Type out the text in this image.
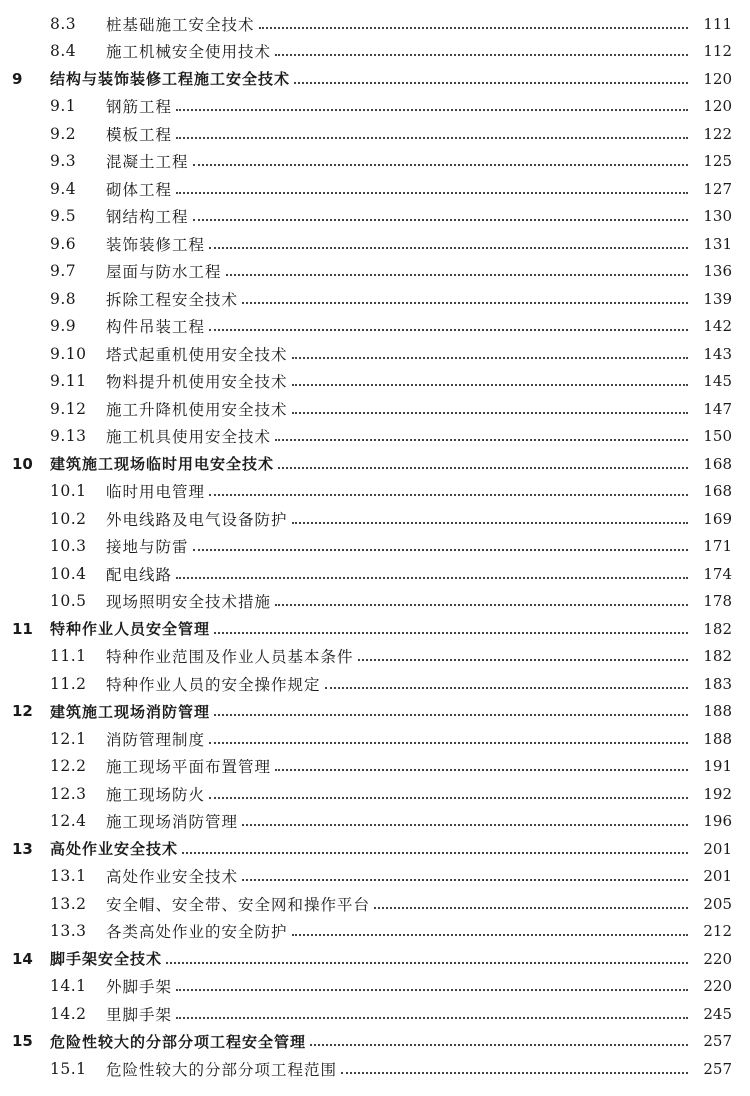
8.3	桩基础施工安全技术	111
8.4	施工机械安全使用技术	112
9	结构与装饰装修工程施工安全技术	120
9.1	钢筋工程	120
9.2	模板工程	122
9.3	混凝土工程	125
9.4	砌体工程	127
9.5	钢结构工程	130
9.6	装饰装修工程	131
9.7	屋面与防水工程	136
9.8	拆除工程安全技术	139
9.9	构件吊装工程	142
9.10	塔式起重机使用安全技术	143
9.11	物料提升机使用安全技术	145
9.12	施工升降机使用安全技术	147
9.13	施工机具使用安全技术	150
10	建筑施工现场临时用电安全技术	168
10.1	临时用电管理	168
10.2	外电线路及电气设备防护	169
10.3	接地与防雷	171
10.4	配电线路	174
10.5	现场照明安全技术措施	178
11	特种作业人员安全管理	182
11.1	特种作业范围及作业人员基本条件	182
11.2	特种作业人员的安全操作规定	183
12	建筑施工现场消防管理	188
12.1	消防管理制度	188
12.2	施工现场平面布置管理	191
12.3	施工现场防火	192
12.4	施工现场消防管理	196
13	高处作业安全技术	201
13.1	高处作业安全技术	201
13.2	安全帽、安全带、安全网和操作平台	205
13.3	各类高处作业的安全防护	212
14	脚手架安全技术	220
14.1	外脚手架	220
14.2	里脚手架	245
15	危险性较大的分部分项工程安全管理	257
15.1	危险性较大的分部分项工程范围	257
